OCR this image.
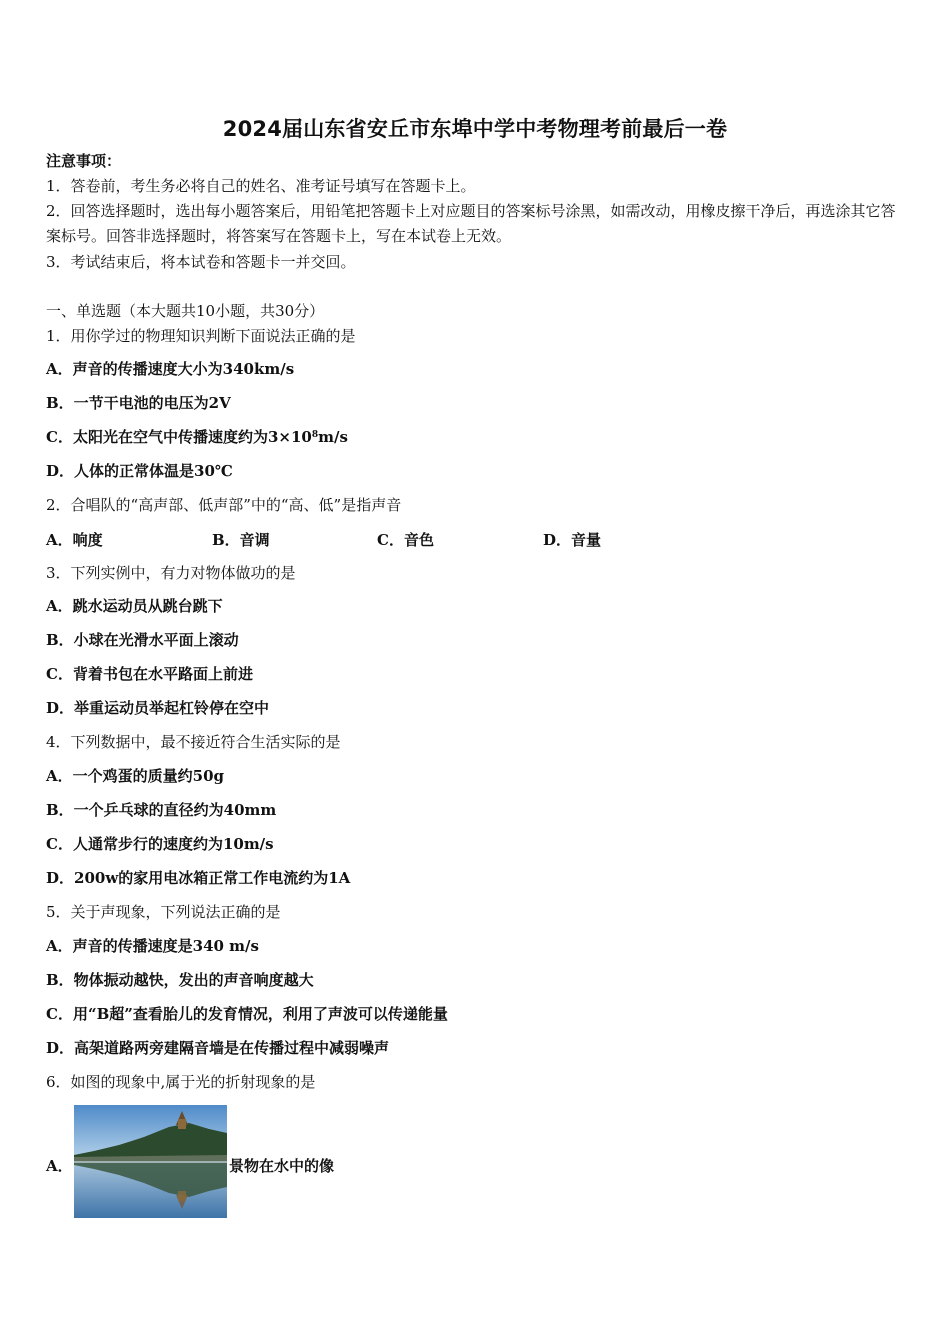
2024届山东省安丘市东埠中学中考物理考前最后一卷
注意事项：
1．答卷前，考生务必将自己的姓名、准考证号填写在答题卡上。
2．回答选择题时，选出每小题答案后，用铅笔把答题卡上对应题目的答案标号涂黑，如需改动，用橡皮擦干净后，再选涂其它答案标号。回答非选择题时，将答案写在答题卡上，写在本试卷上无效。
3．考试结束后，将本试卷和答题卡一并交回。
一、单选题（本大题共10小题，共30分）
1．用你学过的物理知识判断下面说法正确的是
A．声音的传播速度大小为340km/s
B．一节干电池的电压为2V
C．太阳光在空气中传播速度约为$3\times 10^8m/s$
D．人体的正常体温是30℃
2．合唱队的“高声部、低声部”中的“高、低”是指声音
A．响度	B．音调	C．音色	D．音量
3．下列实例中，有力对物体做功的是
A．跳水运动员从跳台跳下
B．小球在光滑水平面上滚动
C．背着书包在水平路面上前进
D．举重运动员举起杠铃停在空中
4．下列数据中，最不接近符合生活实际的是
A．一个鸡蛋的质量约50g
B．一个乒乓球的直径约为40mm
C．人通常步行的速度约为10m/s
D．200w的家用电冰箱正常工作电流约为1A
5．关于声现象，下列说法正确的是
A．声音的传播速度是340 m/s
B．物体振动越快，发出的声音响度越大
C．用“B超”查看胎儿的发育情况，利用了声波可以传递能量
D．高架道路两旁建隔音墙是在传播过程中减弱噪声
6．如图的现象中,属于光的折射现象的是
A．	景物在水中的像
